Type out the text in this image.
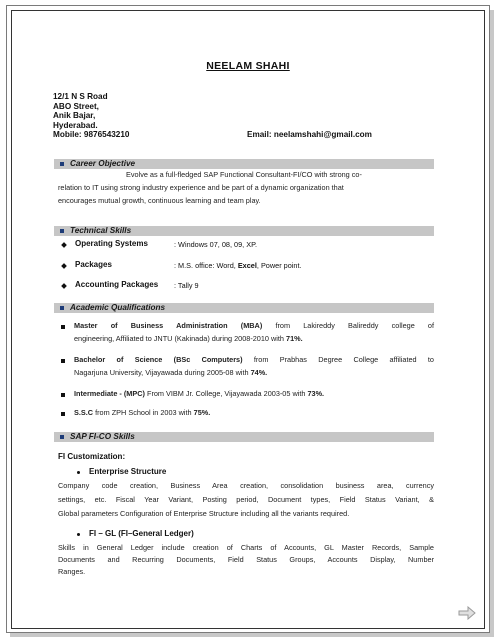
NEELAM SHAHI
12/1 N S Road
ABO Street,
Anik Bajar,
Hyderabad.
Mobile: 9876543210	Email: neelamshahi@gmail.com
Career Objective
Evolve as a full-fledged SAP Functional Consultant-FI/CO with strong co-
relation to IT using strong industry experience and be part of a dynamic organization that
encourages mutual growth, continuous learning and team play.
Technical Skills
Operating Systems	: Windows 07, 08, 09, XP.
Packages	: M.S. office: Word, Excel, Power point.
Accounting Packages : Tally 9
Academic Qualifications
Master of Business Administration (MBA) from Lakireddy Balireddy college of
engineering, Affiliated to JNTU (Kakinada) during 2008-2010 with 71%.
Bachelor of Science (BSc Computers) from Prabhas Degree College affiliated to
Nagarjuna University, Vijayawada during 2005-08 with 74%.
Intermediate - (MPC) From VIBM Jr. College, Vijayawada 2003-05 with 73%.
S.S.C from ZPH School in 2003 with 75%.
SAP FI-CO Skills
FI Customization:
Enterprise Structure
Company code creation, Business Area creation, consolidation business area, currency
settings, etc. Fiscal Year Variant, Posting period, Document types, Field Status Variant, &
Global parameters Configuration of Enterprise Structure including all the variants required.
FI – GL (FI–General Ledger)
Skills in General Ledger include creation of Charts of Accounts, GL Master Records, Sample
Documents and Recurring Documents, Field Status Groups, Accounts Display, Number
Ranges.
